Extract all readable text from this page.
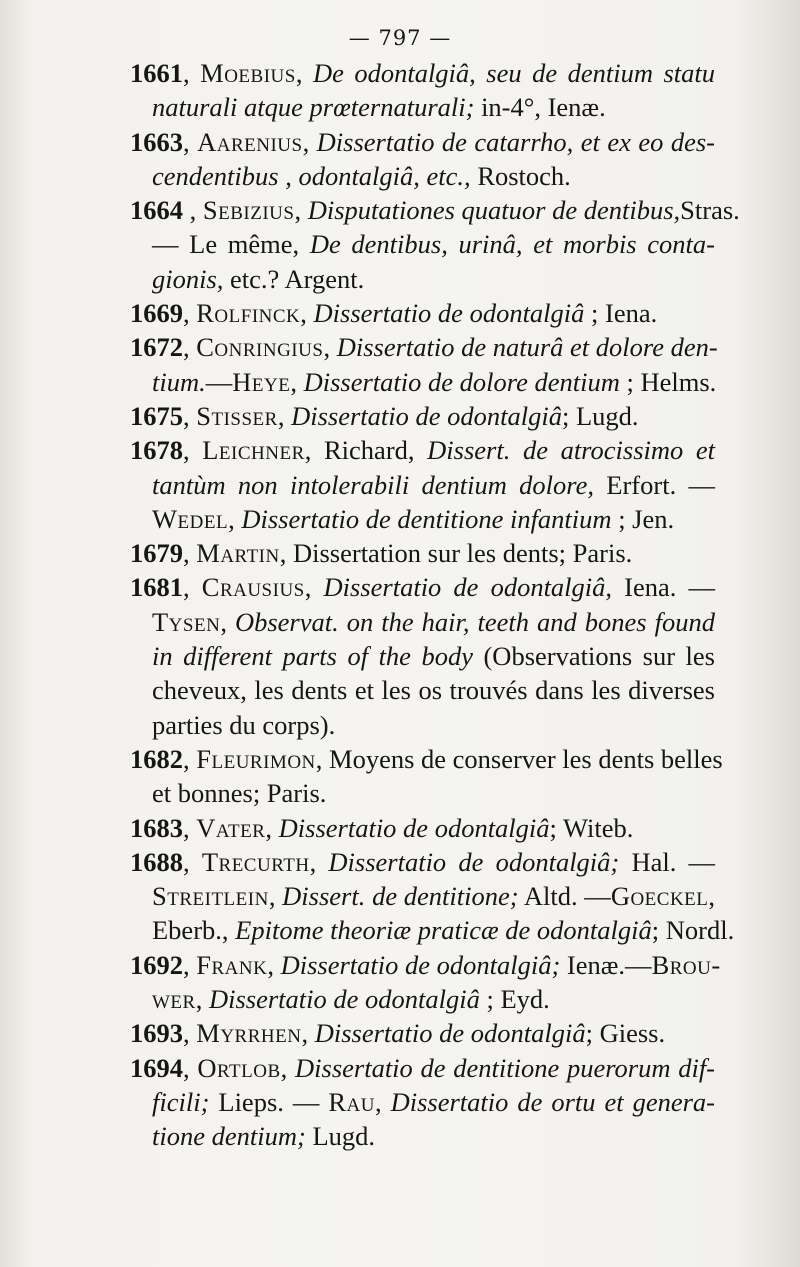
— 797 —
1661, Moebius, De odontalgiâ, seu de dentium statu
naturali atque prœternaturali; in-4°, Ienæ.
1663, Aarenius, Dissertatio de catarrho, et ex eo des-
cendentibus , odontalgiâ, etc., Rostoch.
1664 , Sebizius, Disputationes quatuor de dentibus,Stras.
— Le même, De dentibus, urinâ, et morbis conta-
gionis, etc.? Argent.
1669, Rolfinck, Dissertatio de odontalgiâ ; Iena.
1672, Conringius, Dissertatio de naturâ et dolore den-
tium.—Heye, Dissertatio de dolore dentium ; Helms.
1675, Stisser, Dissertatio de odontalgiâ; Lugd.
1678, Leichner, Richard, Dissert. de atrocissimo et
tantùm non intolerabili dentium dolore, Erfort. —
Wedel, Dissertatio de dentitione infantium ; Jen.
1679, Martin, Dissertation sur les dents; Paris.
1681, Crausius, Dissertatio de odontalgiâ, Iena. —
Tysen, Observat. on the hair, teeth and bones found
in different parts of the body (Observations sur les
cheveux, les dents et les os trouvés dans les diverses
parties du corps).
1682, Fleurimon, Moyens de conserver les dents belles
et bonnes; Paris.
1683, Vater, Dissertatio de odontalgiâ; Witeb.
1688, Trecurth, Dissertatio de odontalgiâ; Hal. —
Streitlein, Dissert. de dentitione; Altd. —Goeckel,
Eberb., Epitome theoriæ praticæ de odontalgiâ; Nordl.
1692, Frank, Dissertatio de odontalgiâ; Ienæ.—Brou-
wer, Dissertatio de odontalgiâ ; Eyd.
1693, Myrrhen, Dissertatio de odontalgiâ; Giess.
1694, Ortlob, Dissertatio de dentitione puerorum dif-
ficili; Lieps. — Rau, Dissertatio de ortu et genera-
tione dentium; Lugd.
